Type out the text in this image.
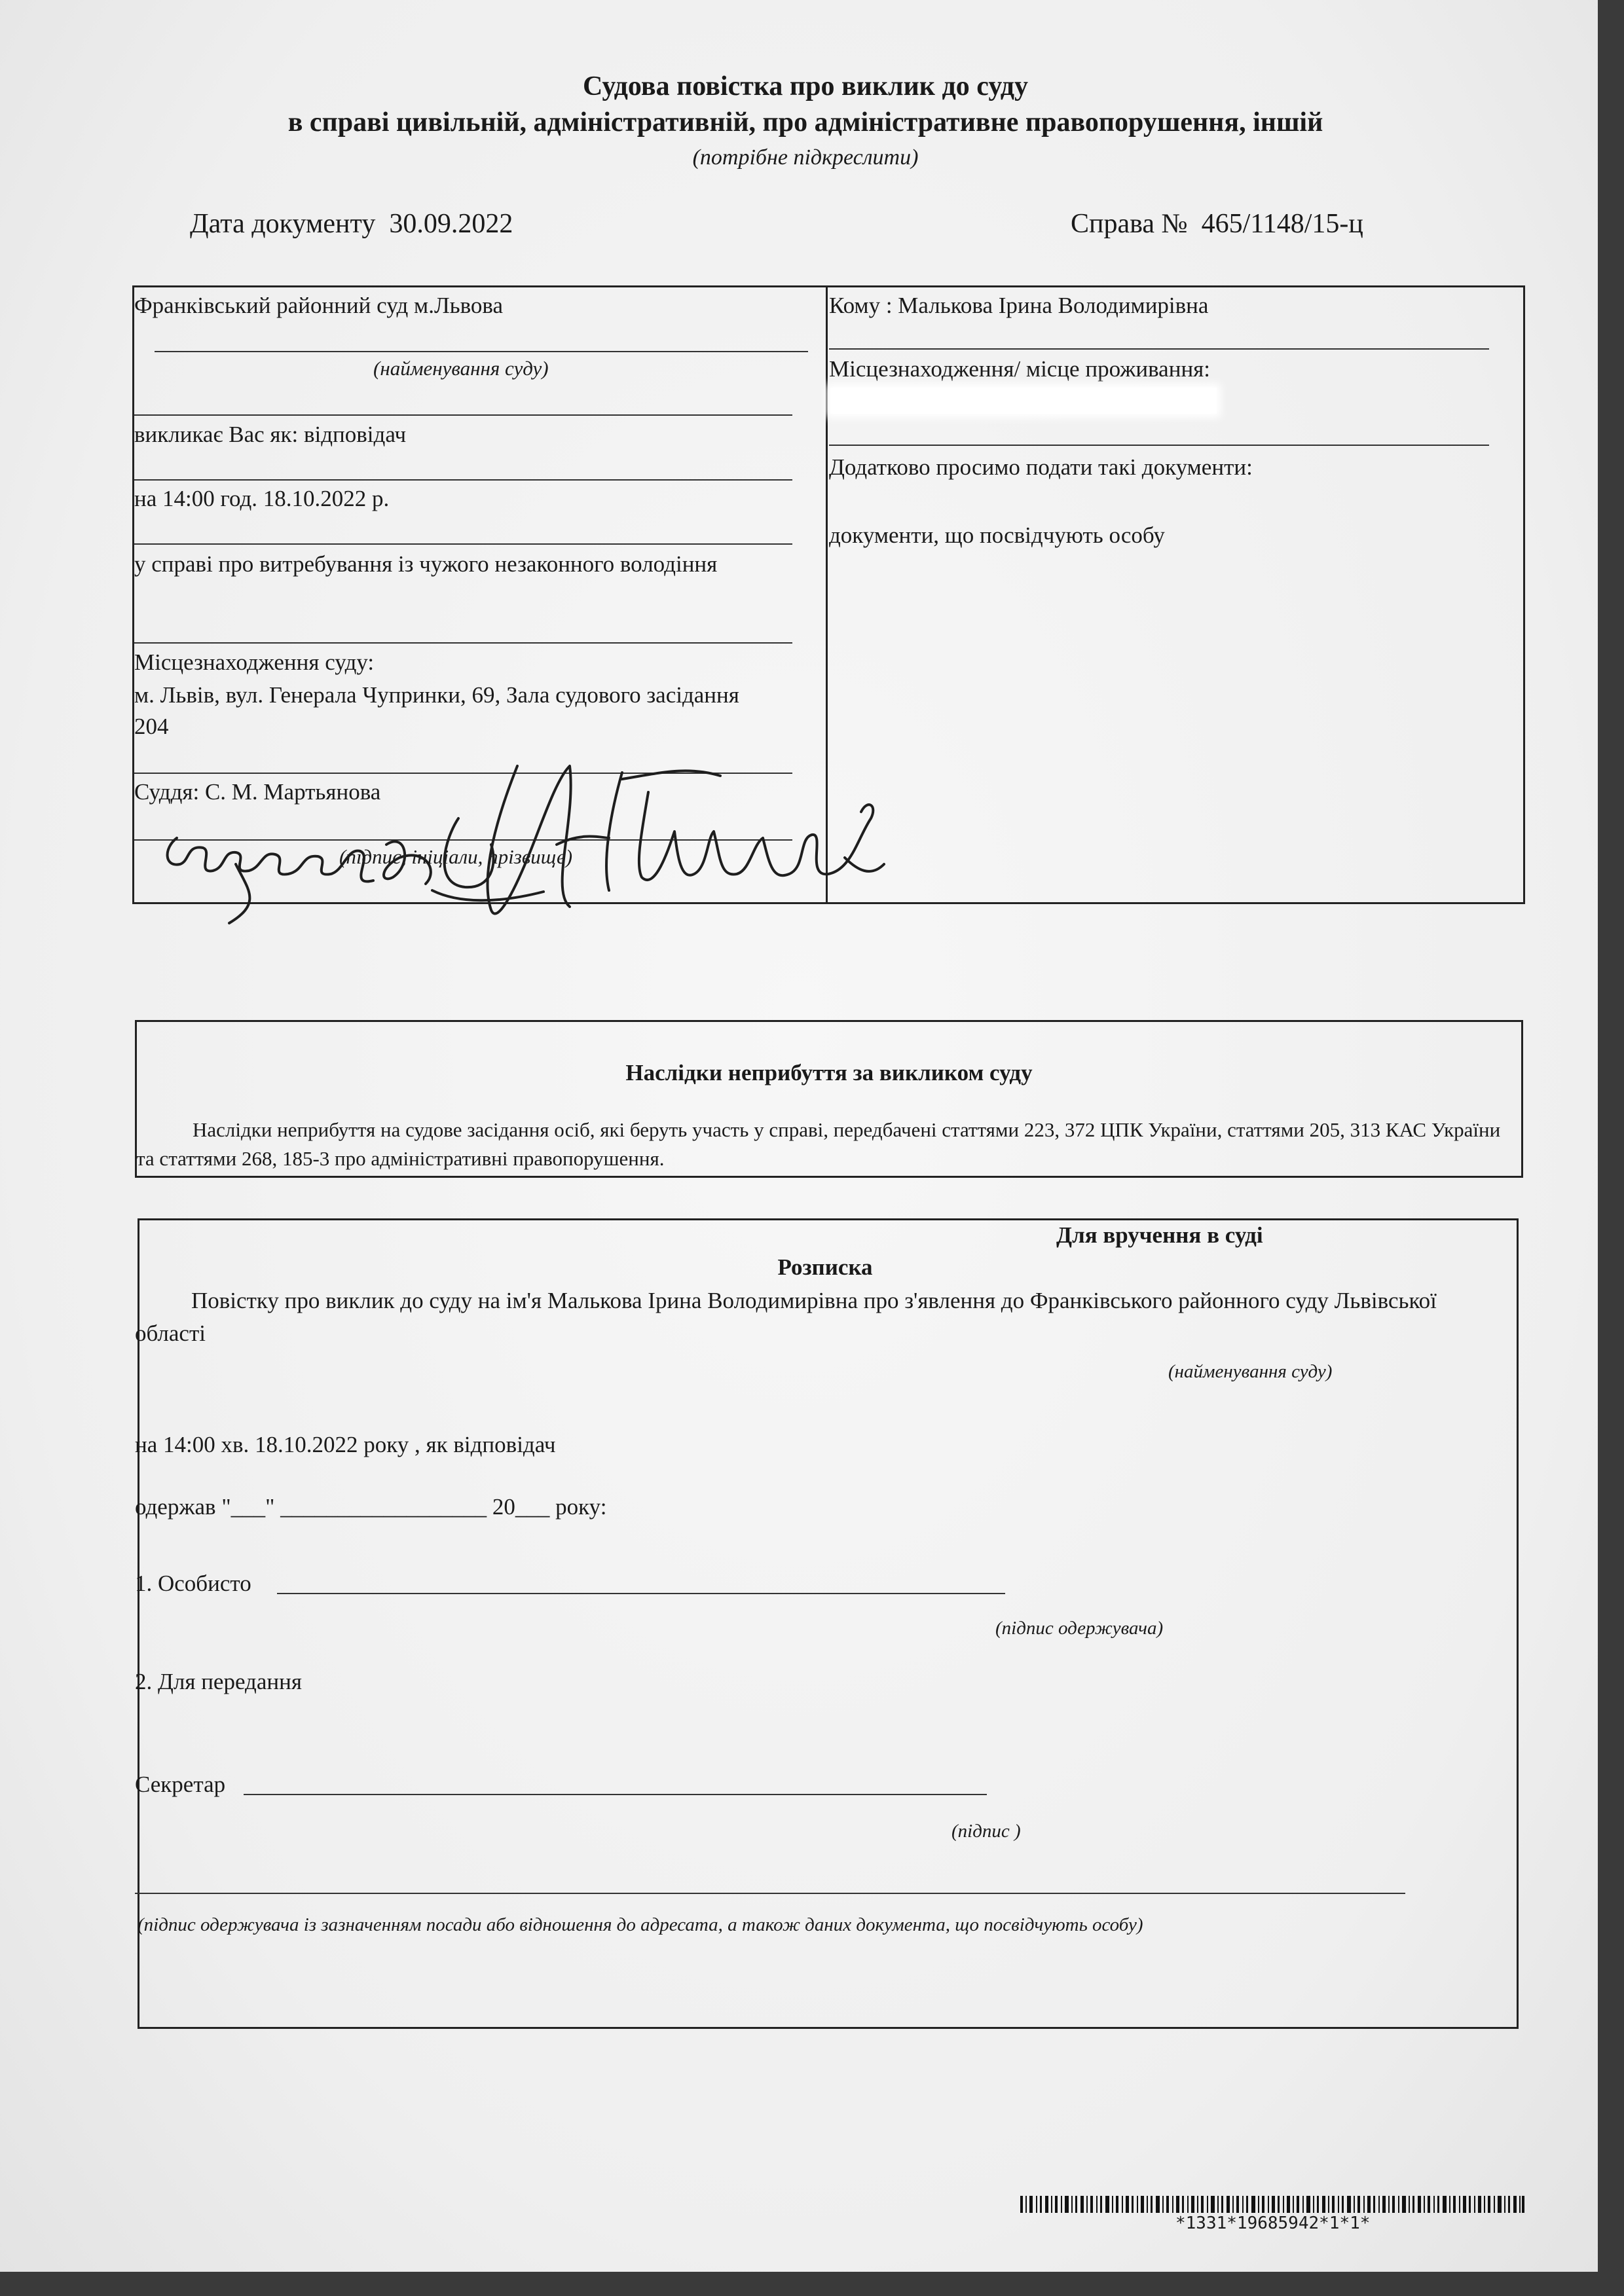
Судова повістка про виклик до суду
в справі цивільній, адміністративній, про адміністративне правопорушення, іншій
(потрібне підкреслити)
Дата документу 30.09.2022	Справа № 465/1148/15-ц
Франківський районний суд м.Львова
(найменування суду)
викликає Вас як: відповідач
на 14:00 год. 18.10.2022 р.
у справі про витребування із чужого незаконного володіння
Місцезнаходження суду:
м. Львів, вул. Генерала Чупринки, 69, Зала судового засідання 204
Суддя: С. М. Мартьянова
(підпис, ініціали, прізвище)
Кому : Малькова Ірина Володимирівна
Місцезнаходження/ місце проживання:
Додатково просимо подати такі документи:
документи, що посвідчують особу
Наслідки неприбуття за викликом суду
Наслідки неприбуття на судове засідання осіб, які беруть участь у справі, передбачені статтями 223, 372 ЦПК України, статтями 205, 313 КАС України та статтями 268, 185-3 про адміністративні правопорушення.
Для вручення в суді
Розписка
Повістку про виклик до суду на ім'я Малькова Ірина Володимирівна про з'явлення до Франківського районного суду Львівської області
(найменування суду)
на 14:00 хв. 18.10.2022 року , як відповідач
одержав "___" __________________ 20___ року:
1. Особисто
(підпис одержувача)
2. Для передання
Секретар
(підпис )
(підпис одержувача із зазначенням посади або відношення до адресата, а також даних документа, що посвідчують особу)
*1331*19685942*1*1*
